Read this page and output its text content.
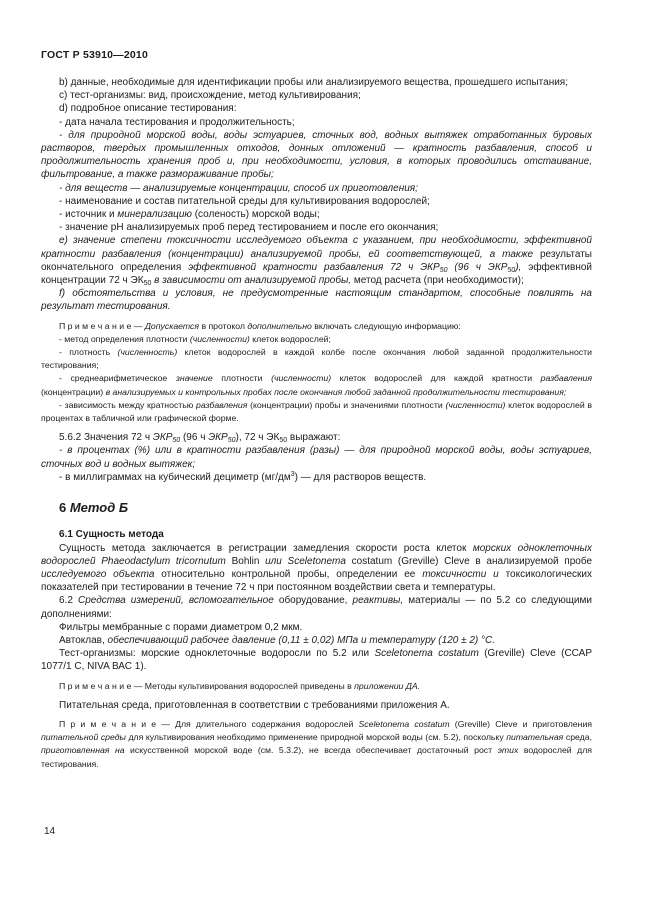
ГОСТ Р 53910—2010
b) данные, необходимые для идентификации пробы или анализируемого вещества, прошедшего испытания;
c) тест-организмы: вид, происхождение, метод культивирования;
d) подробное описание тестирования:
- дата начала тестирования и продолжительность;
- для природной морской воды, воды эстуариев, сточных вод, водных вытяжек отработанных буровых растворов, твердых промышленных отходов, донных отложений — кратность разбавления, способ и продолжительность хранения проб и, при необходимости, условия, в которых проводились отстаивание, фильтрование, а также размораживание пробы;
- для веществ — анализируемые концентрации, способ их приготовления;
- наименование и состав питательной среды для культивирования водорослей;
- источник и минерализацию (соленость) морской воды;
- значение рН анализируемых проб перед тестированием и после его окончания;
e) значение степени токсичности исследуемого объекта с указанием, при необходимости, эффективной кратности разбавления (концентрации) анализируемой пробы, ей соответствующей, а также результаты окончательного определения эффективной кратности разбавления 72 ч $ЭКР_{50}$ (96 ч $ЭКР_{50}$), эффективной концентрации 72 ч $ЭК_{50}$ в зависимости от анализируемой пробы, метод расчета (при необходимости);
f) обстоятельства и условия, не предусмотренные настоящим стандартом, способные повлиять на результат тестирования.
П р и м е ч а н и е — Допускается в протокол дополнительно включать следующую информацию:
- метод определения плотности (численности) клеток водорослей;
- плотность (численность) клеток водорослей в каждой колбе после окончания любой заданной продолжительности тестирования;
- среднеарифметическое значение плотности (численности) клеток водорослей для каждой кратности разбавления (концентрации) в анализируемых и контрольных пробах после окончания любой заданной продолжительности тестирования;
- зависимость между кратностью разбавления (концентрации) пробы и значениями плотности (численности) клеток водорослей в процентах в табличной или графической форме.
5.6.2 Значения 72 ч $ЭКР_{50}$ (96 ч $ЭКР_{50}$), 72 ч $ЭК_{50}$ выражают:
- в процентах (%) или в кратности разбавления (разы) — для природной морской воды, воды эстуариев, сточных вод и водных вытяжек;
- в миллиграммах на кубический дециметр $(мг/дм^3)$ — для растворов веществ.
6 Метод Б
6.1 Сущность метода
Сущность метода заключается в регистрации замедления скорости роста клеток морских одноклеточных водорослей Phaeodactylum tricornutum Bohlin или Sceletonema costatum (Greville) Cleve в анализируемой пробе исследуемого объекта относительно контрольной пробы, определении ее токсичности и токсикологических показателей при тестировании в течение 72 ч при постоянном воздействии света и температуры.
6.2 Средства измерений, вспомогательное оборудование, реактивы, материалы — по 5.2 со следующими дополнениями:
Фильтры мембранные с порами диаметром 0,2 мкм.
Автоклав, обеспечивающий рабочее давление (0,11 ± 0,02) МПа и температуру (120 ± 2) °С.
Тест-организмы: морские одноклеточные водоросли по 5.2 или Sceletonema costatum (Greville) Cleve (ССАР 1077/1 С, NIVA ВАС 1).
П р и м е ч а н и е — Методы культивирования водорослей приведены в приложении ДА.
Питательная среда, приготовленная в соответствии с требованиями приложения А.
П р и м е ч а н и е — Для длительного содержания водорослей Sceletonema costatum (Greville) Cleve и приготовления питательной среды для культивирования необходимо применение природной морской воды (см. 5.2), поскольку питательная среда, приготовленная на искусственной морской воде (см. 5.3.2), не всегда обеспечивает достаточный рост этих водорослей для тестирования.
14
